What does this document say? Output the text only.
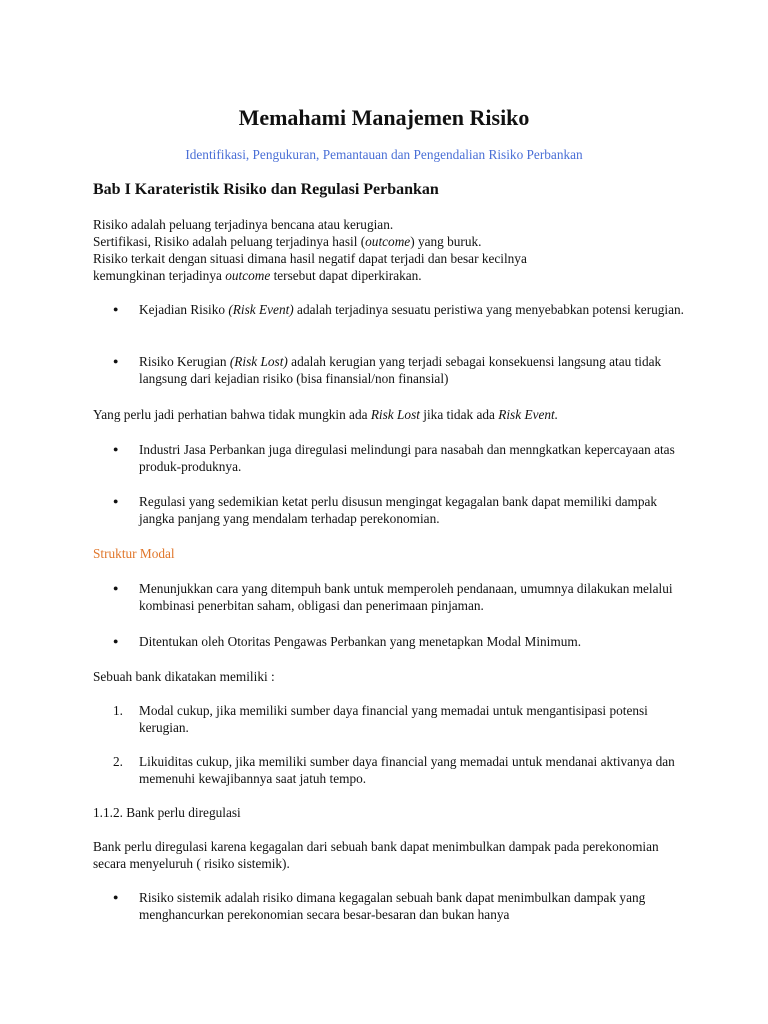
Memahami Manajemen Risiko

Identifikasi, Pengukuran, Pemantauan dan Pengendalian Risiko Perbankan

Bab I Karateristik Risiko dan Regulasi Perbankan
Risiko adalah peluang terjadinya bencana atau kerugian.
Sertifikasi, Risiko adalah peluang terjadinya hasil (outcome) yang buruk.
Risiko terkait dengan situasi dimana hasil negatif dapat terjadi dan besar kecilnya
kemungkinan terjadinya outcome tersebut dapat diperkirakan.
●	Kejadian Risiko (Risk Event) adalah terjadinya sesuatu peristiwa yang menyebabkan potensi kerugian.

●	Risiko Kerugian (Risk Lost) adalah kerugian yang terjadi sebagai konsekuensi langsung atau tidak langsung dari kejadian risiko (bisa finansial/non finansial)

Yang perlu jadi perhatian bahwa tidak mungkin ada Risk Lost jika tidak ada Risk Event.
●	Industri Jasa Perbankan juga diregulasi melindungi para nasabah dan menngkatkan kepercayaan atas produk-produknya.

●	Regulasi yang sedemikian ketat perlu disusun mengingat kegagalan bank dapat memiliki dampak jangka panjang yang mendalam terhadap perekonomian.

Struktur Modal
●	Menunjukkan cara yang ditempuh bank untuk memperoleh pendanaan, umumnya dilakukan melalui kombinasi penerbitan saham, obligasi dan penerimaan pinjaman.

●	Ditentukan oleh Otoritas Pengawas Perbankan yang menetapkan Modal Minimum.

Sebuah bank dikatakan memiliki :
1.	Modal cukup, jika memiliki sumber daya financial yang memadai untuk mengantisipasi potensi kerugian.

2.	Likuiditas cukup, jika memiliki sumber daya financial yang memadai untuk mendanai aktivanya dan memenuhi kewajibannya saat jatuh tempo.

1.1.2. Bank perlu diregulasi
Bank perlu diregulasi karena kegagalan dari sebuah bank dapat menimbulkan dampak pada perekonomian secara menyeluruh ( risiko sistemik).
●	Risiko sistemik adalah risiko dimana kegagalan sebuah bank dapat menimbulkan dampak yang menghancurkan perekonomian secara besar-besaran dan bukan hanya
